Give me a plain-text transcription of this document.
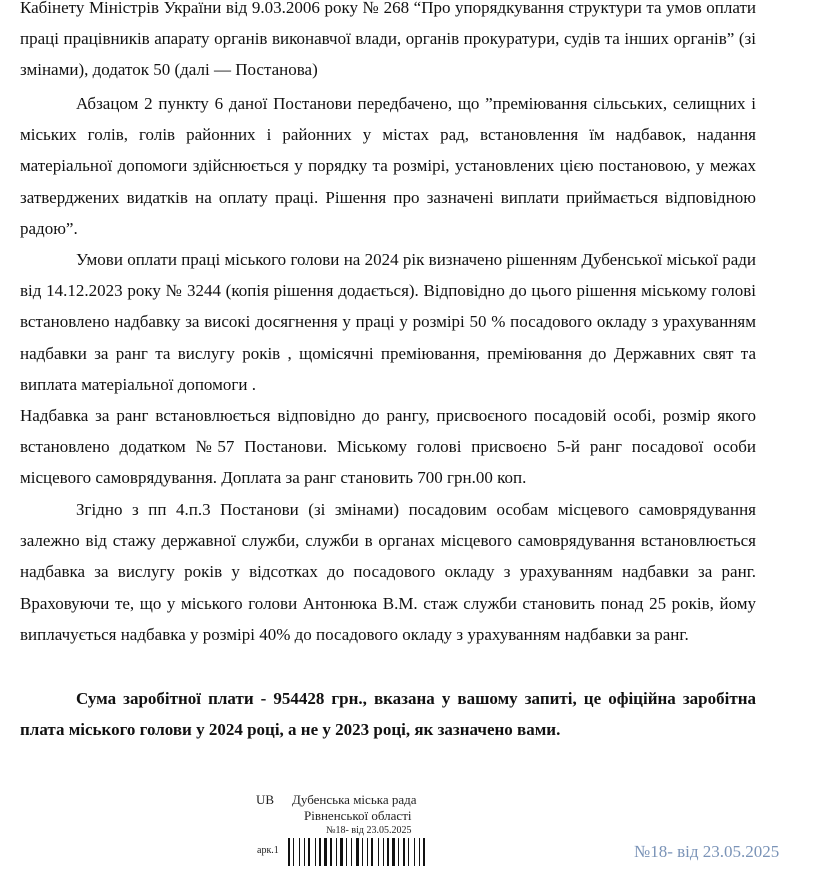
Кабінету Міністрів України від 9.03.2006 року № 268 “Про упорядкування структури та умов оплати праці працівників апарату органів виконавчої влади, органів прокуратури, судів та інших органів” (зі змінами), додаток 50 (далі — Постанова)

Абзацом 2 пункту 6 даної Постанови передбачено, що ”преміювання сільських, селищних і міських голів, голів районних і районних у містах рад, встановлення їм надбавок, надання матеріальної допомоги здійснюється у порядку та розмірі, установлених цією постановою, у межах затверджених видатків на оплату праці. Рішення про зазначені виплати приймається відповідною радою”.

Умови оплати праці міського голови на 2024 рік визначено рішенням Дубенської міської ради від 14.12.2023 року № 3244 (копія рішення додається). Відповідно до цього рішення міському голові встановлено надбавку за високі досягнення у праці у розмірі 50 % посадового окладу з урахуванням надбавки за ранг та вислугу років , щомісячні преміювання, преміювання до Державних свят та виплата матеріальної допомоги .

Надбавка за ранг встановлюється відповідно до рангу, присвоєного посадовій особі, розмір якого встановлено додатком №57 Постанови. Міському голові присвоєно 5-й ранг посадової особи місцевого самоврядування. Доплата за ранг становить 700 грн.00 коп.

Згідно з пп 4.п.3 Постанови (зі змінами) посадовим особам місцевого самоврядування залежно від стажу державної служби, служби в органах місцевого самоврядування встановлюється надбавка за вислугу років у відсотках до посадового окладу з урахуванням надбавки за ранг. Враховуючи те, що у міського голови Антонюка В.М. стаж служби становить понад 25 років, йому виплачується надбавка у розмірі 40% до посадового окладу з урахуванням надбавки за ранг.

Сума заробітної плати - 954428 грн., вказана у вашому запиті, це офіційна заробітна плата міського голови у 2024 році, а не у 2023 році, як зазначено вами.

UB Дубенська міська рада
Рівненської області
№18- від 23.05.2025
арк.1	№18- від 23.05.2025
